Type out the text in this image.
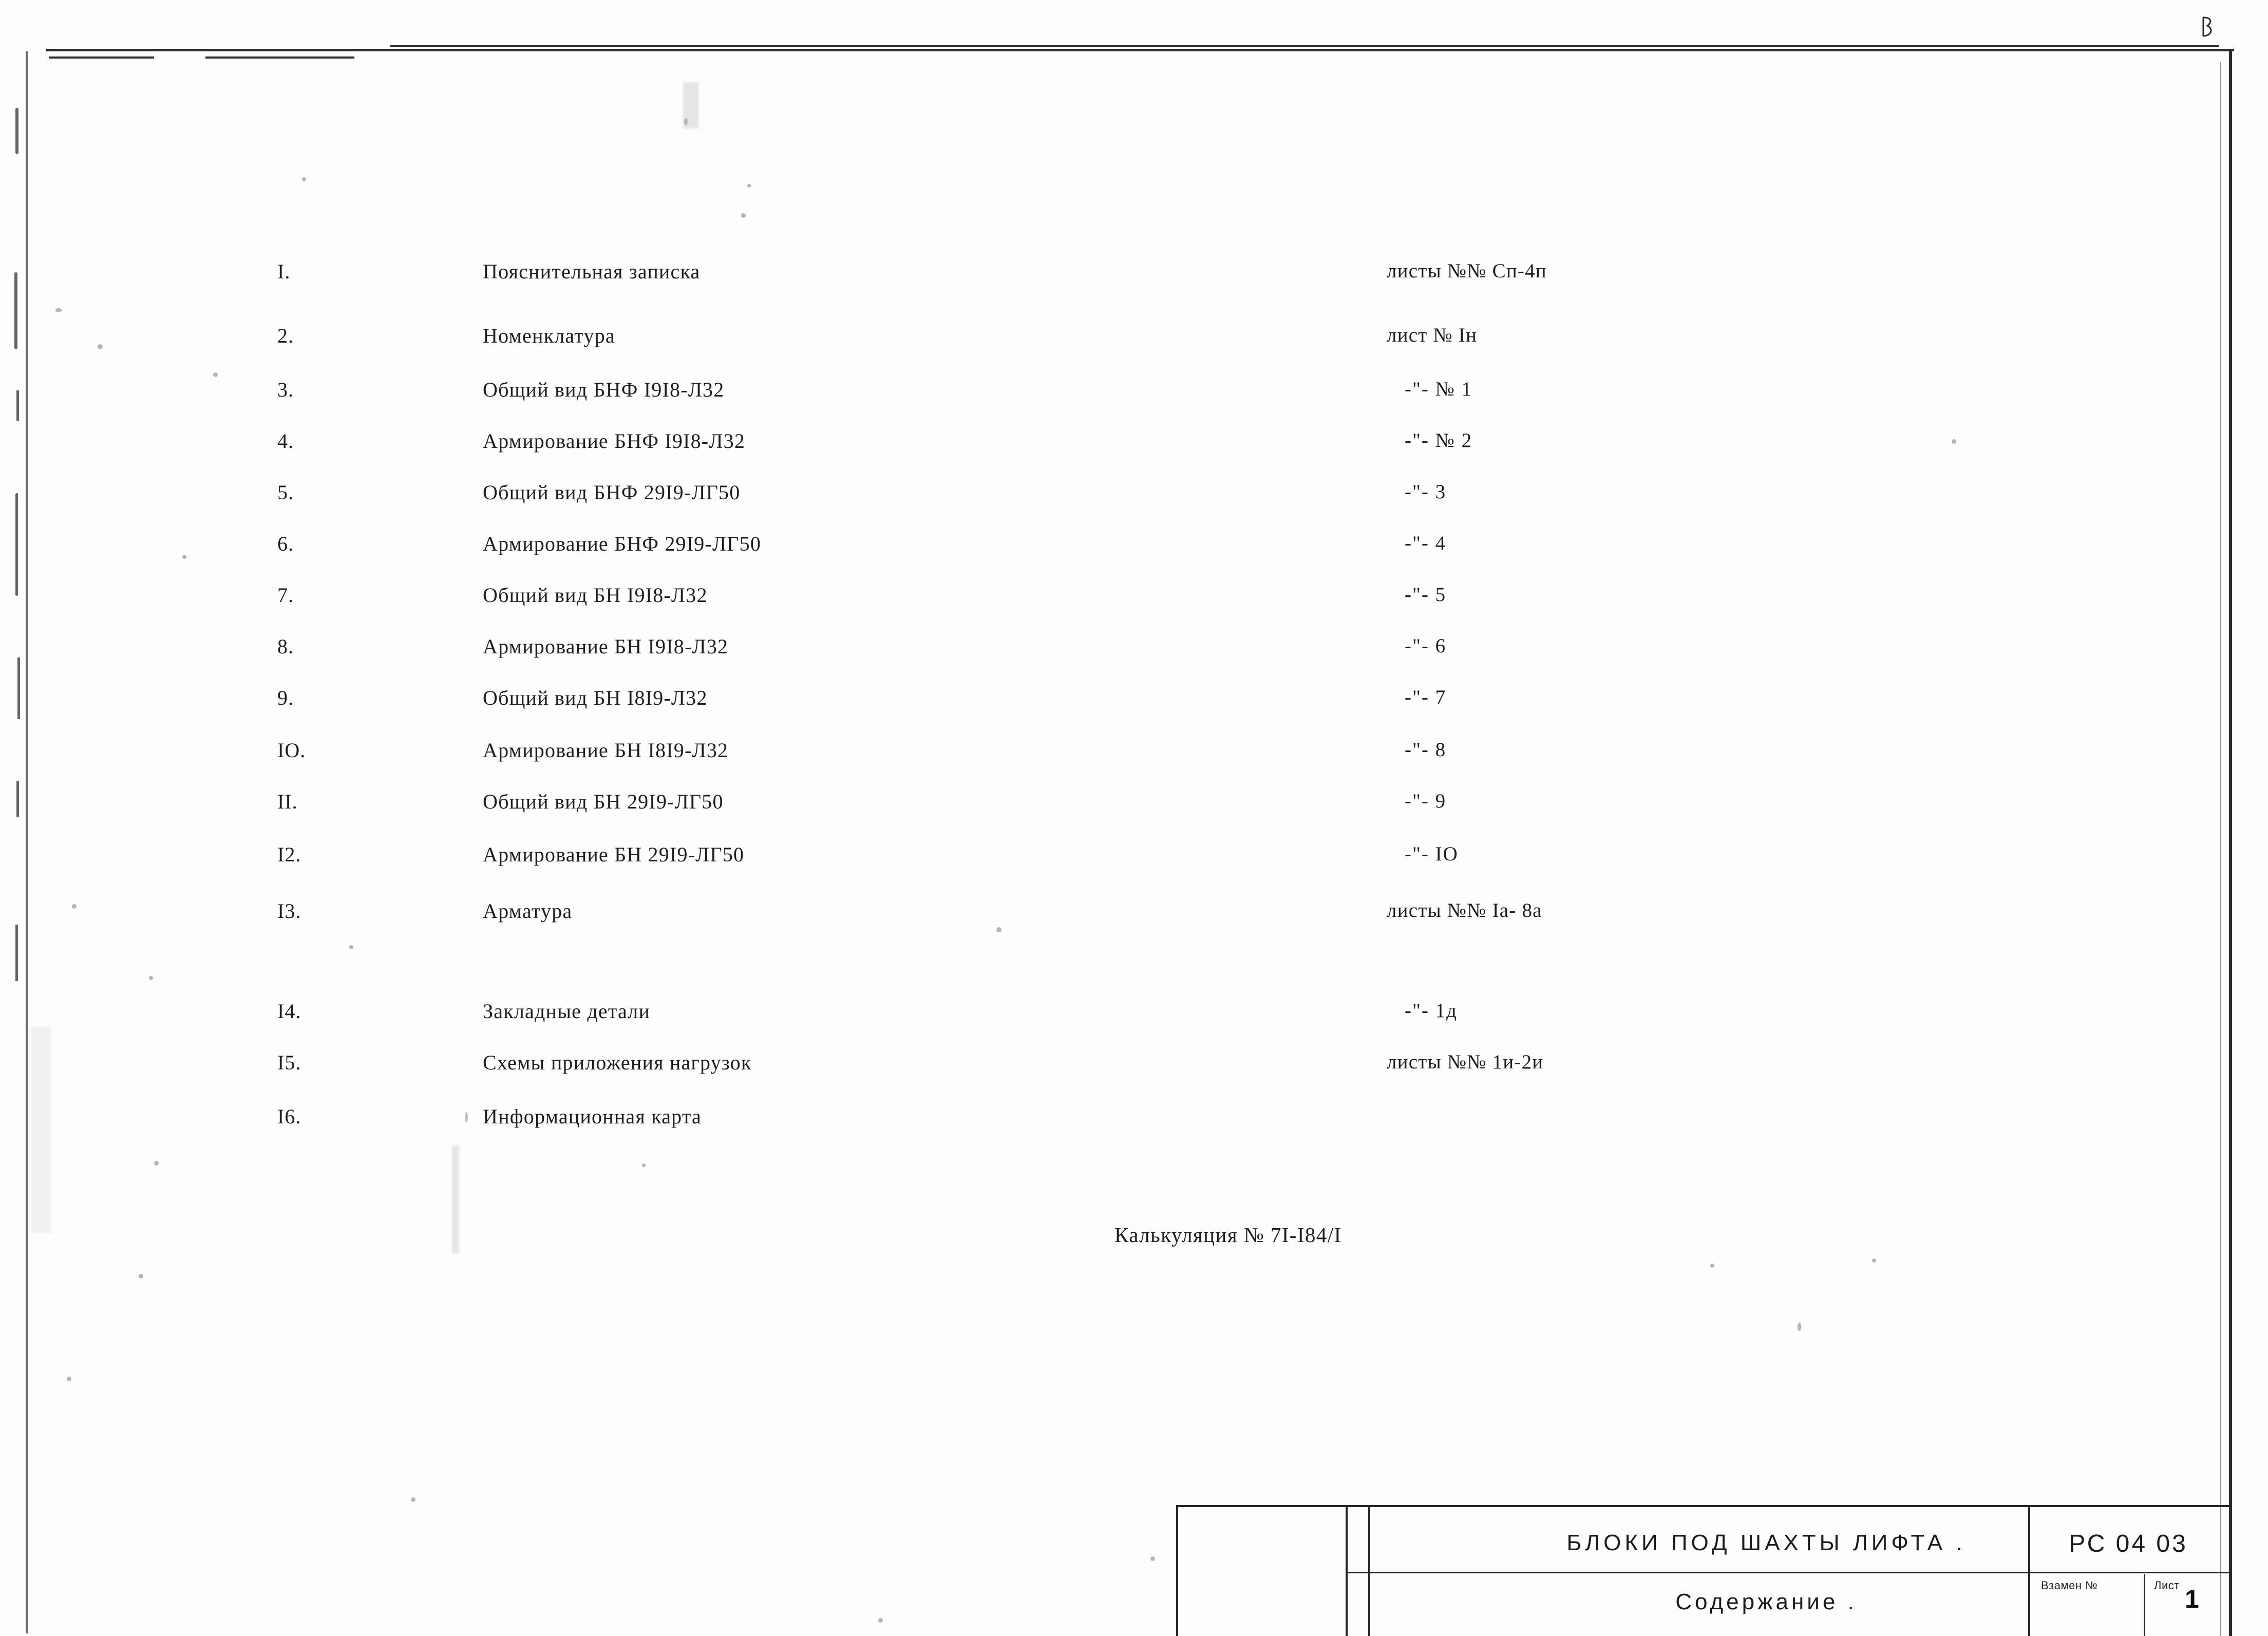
I.	Пояснительная записка	листы №№ Сп-4п
2.	Номенклатура	лист № Iн
3.	Общий вид БНФ I9I8-Л32	-"- № 1
4.	Армирование БНФ I9I8-Л32	-"- № 2
5.	Общий вид БНФ 29I9-ЛГ50	-"- 3
6.	Армирование БНФ 29I9-ЛГ50	-"- 4
7.	Общий вид БН I9I8-Л32	-"- 5
8.	Армирование БН I9I8-Л32	-"- 6
9.	Общий вид БН I8I9-Л32	-"- 7
IO.	Армирование БН I8I9-Л32	-"- 8
II.	Общий вид БН 29I9-ЛГ50	-"- 9
I2.	Армирование БН 29I9-ЛГ50	-"- IО
I3.	Арматура	листы №№ Iа- 8а
I4.	Закладные детали	-"- 1д
I5.	Схемы приложения нагрузок	листы №№ 1и-2и
I6.	Информационная карта
Калькуляция № 7I-I84/I
БЛОКИ ПОД ШАХТЫ ЛИФТА .
Содержание .
РС 04 03
Взамен №	Лист 1
